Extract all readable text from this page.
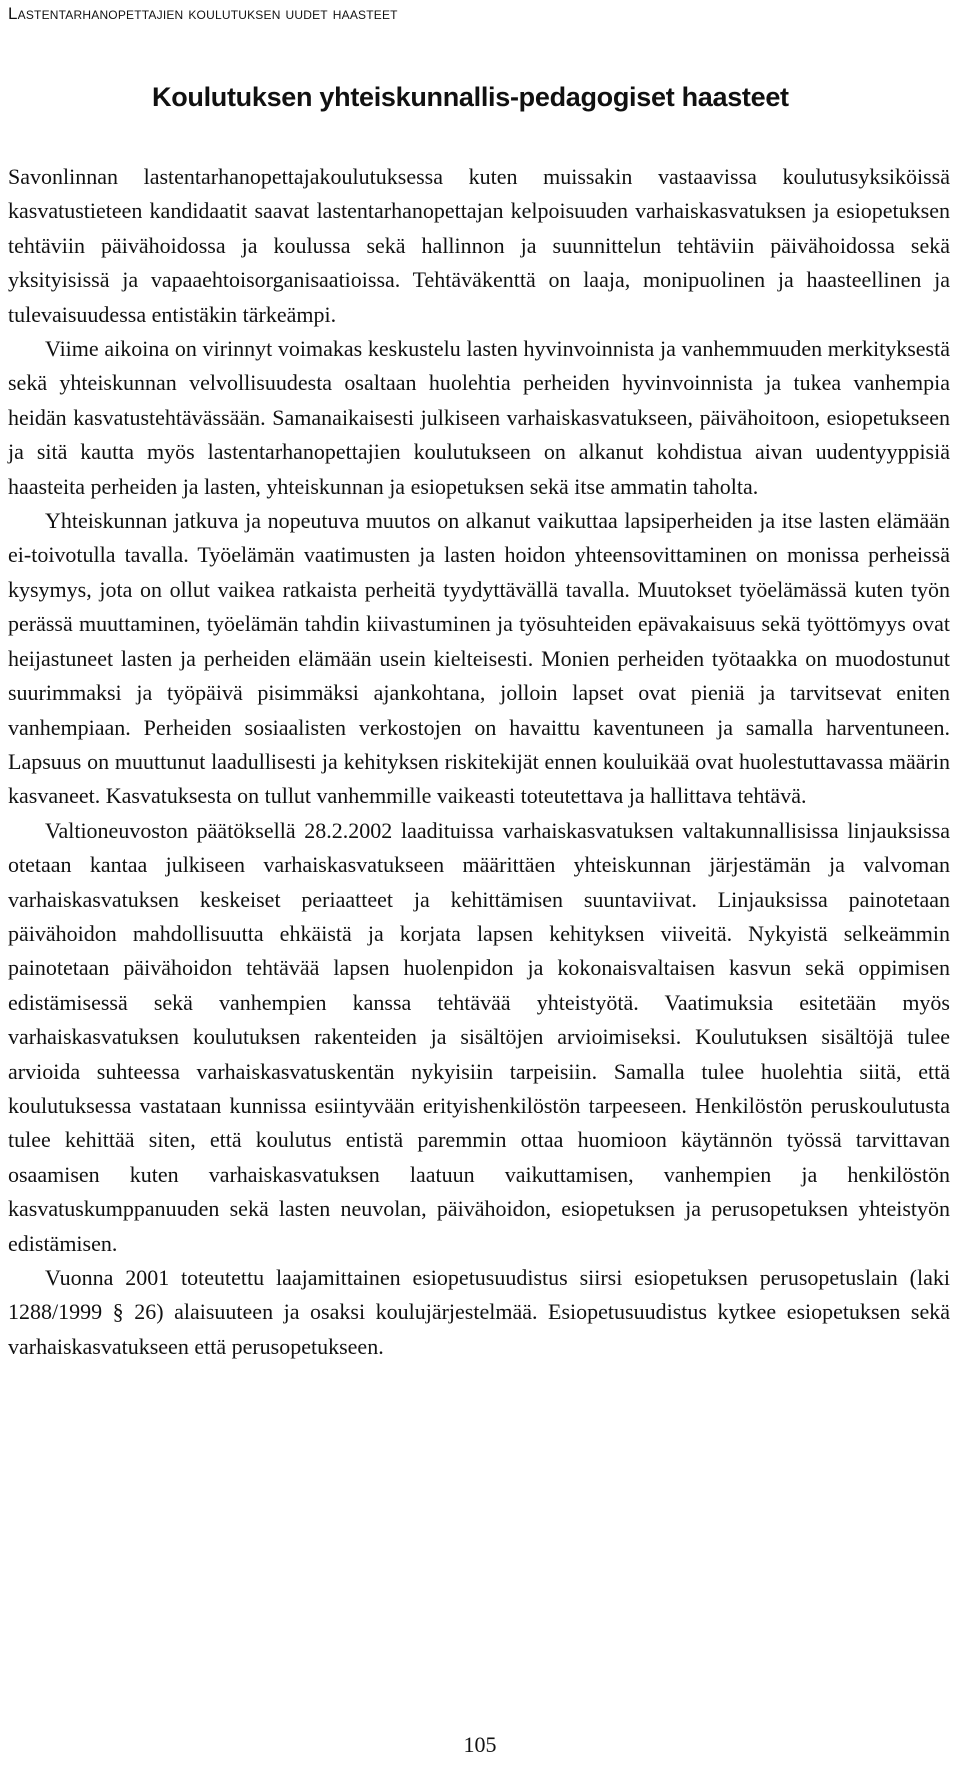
Lastentarhanopettajien koulutuksen uudet haasteet
Koulutuksen yhteiskunnallis-pedagogiset haasteet

Savonlinnan lastentarhanopettajakoulutuksessa kuten muissakin vastaavissa koulutusyksiköissä kasvatustieteen kandidaatit saavat lastentarhanopettajan kelpoisuuden varhaiskasvatuksen ja esiopetuksen tehtäviin päivähoidossa ja koulussa sekä hallinnon ja suunnittelun tehtäviin päivähoidossa sekä yksityisissä ja vapaaehtoisorganisaatioissa. Tehtäväkenttä on laaja, monipuolinen ja haasteellinen ja tulevaisuudessa entistäkin tärkeämpi.

Viime aikoina on virinnyt voimakas keskustelu lasten hyvinvoinnista ja vanhemmuuden merkityksestä sekä yhteiskunnan velvollisuudesta osaltaan huolehtia perheiden hyvinvoinnista ja tukea vanhempia heidän kasvatustehtävässään. Samanaikaisesti julkiseen varhaiskasvatukseen, päivähoitoon, esiopetukseen ja sitä kautta myös lastentarhanopettajien koulutukseen on alkanut kohdistua aivan uudentyyppisiä haasteita perheiden ja lasten, yhteiskunnan ja esiopetuksen sekä itse ammatin taholta.

Yhteiskunnan jatkuva ja nopeutuva muutos on alkanut vaikuttaa lapsiperheiden ja itse lasten elämään ei-toivotulla tavalla. Työelämän vaatimusten ja lasten hoidon yhteensovittaminen on monissa perheissä kysymys, jota on ollut vaikea ratkaista perheitä tyydyttävällä tavalla. Muutokset työelämässä kuten työn perässä muuttaminen, työelämän tahdin kiivastuminen ja työsuhteiden epävakaisuus sekä työttömyys ovat heijastuneet lasten ja perheiden elämään usein kielteisesti. Monien perheiden työtaakka on muodostunut suurimmaksi ja työpäivä pisimmäksi ajankohtana, jolloin lapset ovat pieniä ja tarvitsevat eniten vanhempiaan. Perheiden sosiaalisten verkostojen on havaittu kaventuneen ja samalla harventuneen. Lapsuus on muuttunut laadullisesti ja kehityksen riskitekijät ennen kouluikää ovat huolestuttavassa määrin kasvaneet. Kasvatuksesta on tullut vanhemmille vaikeasti toteutettava ja hallittava tehtävä.

Valtioneuvoston päätöksellä 28.2.2002 laadituissa varhaiskasvatuksen valtakunnallisissa linjauksissa otetaan kantaa julkiseen varhaiskasvatukseen määrittäen yhteiskunnan järjestämän ja valvoman varhaiskasvatuksen keskeiset periaatteet ja kehittämisen suuntaviivat. Linjauksissa painotetaan päivähoidon mahdollisuutta ehkäistä ja korjata lapsen kehityksen viiveitä. Nykyistä selkeämmin painotetaan päivähoidon tehtävää lapsen huolenpidon ja kokonaisvaltaisen kasvun sekä oppimisen edistämisessä sekä vanhempien kanssa tehtävää yhteistyötä. Vaatimuksia esitetään myös varhaiskasvatuksen koulutuksen rakenteiden ja sisältöjen arvioimiseksi. Koulutuksen sisältöjä tulee arvioida suhteessa varhaiskasvatuskentän nykyisiin tarpeisiin. Samalla tulee huolehtia siitä, että koulutuksessa vastataan kunnissa esiintyvään erityishenkilöstön tarpeeseen. Henkilöstön peruskoulutusta tulee kehittää siten, että koulutus entistä paremmin ottaa huomioon käytännön työssä tarvittavan osaamisen kuten varhaiskasvatuksen laatuun vaikuttamisen, vanhempien ja henkilöstön kasvatuskumppanuuden sekä lasten neuvolan, päivähoidon, esiopetuksen ja perusopetuksen yhteistyön edistämisen.

Vuonna 2001 toteutettu laajamittainen esiopetusuudistus siirsi esiopetuksen perusopetuslain (laki 1288/1999 § 26) alaisuuteen ja osaksi koulujärjestelmää. Esiopetusuudistus kytkee esiopetuksen sekä varhaiskasvatukseen että perusopetukseen.

105
